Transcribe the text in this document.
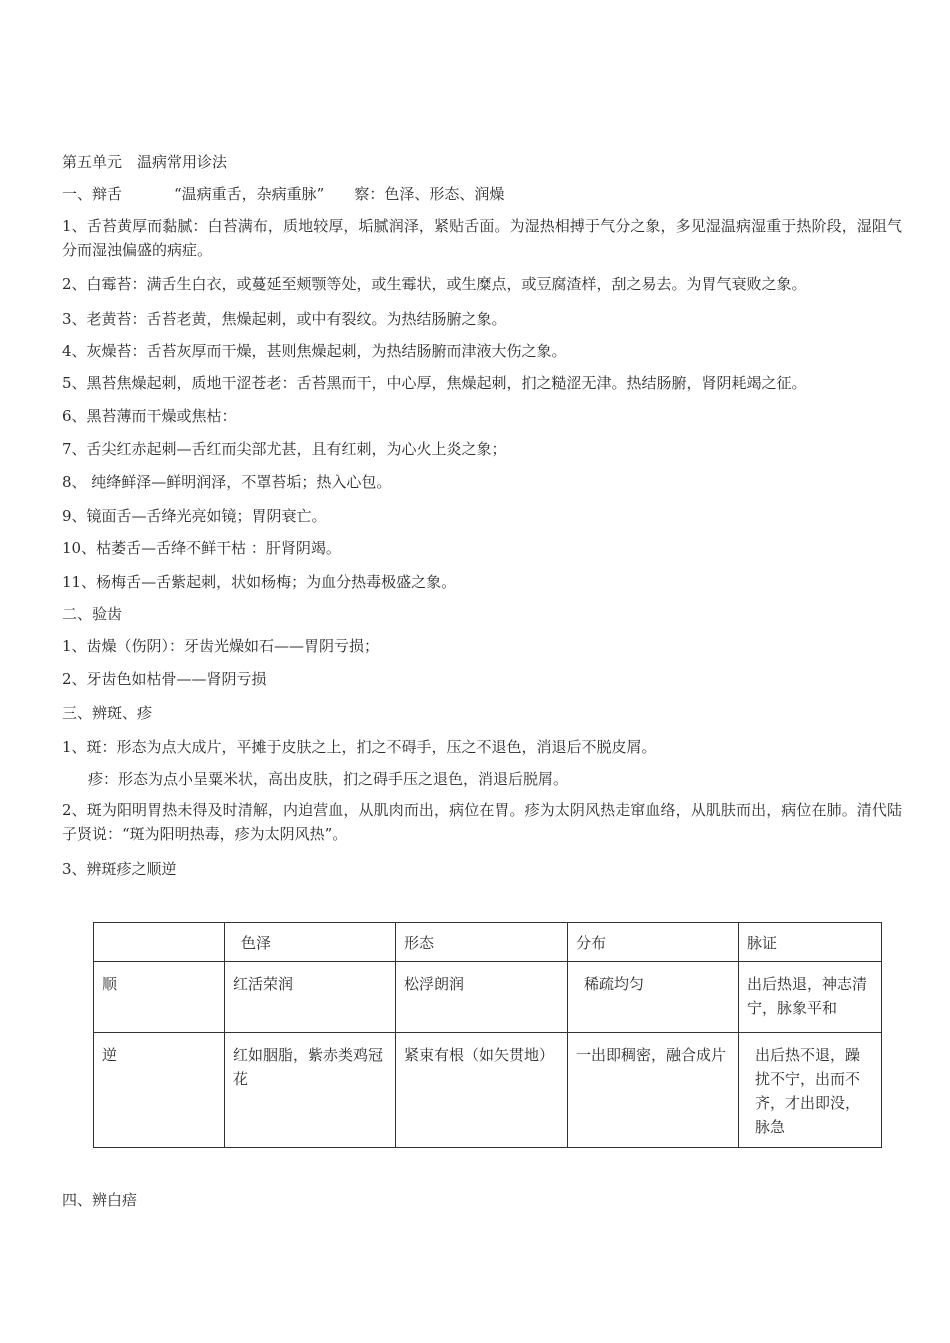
第五单元　温病常用诊法
一、辩舌	“温病重舌，杂病重脉” 察：色泽、形态、润燥
1、舌苔黄厚而黏腻：白苔满布，质地较厚，垢腻润泽，紧贴舌面。为湿热相搏于气分之象，多见湿温病湿重于热阶段，湿阻气分而湿浊偏盛的病症。
2、白霉苔：满舌生白衣，或蔓延至颊颚等处，或生霉状，或生糜点，或豆腐渣样，刮之易去。为胃气衰败之象。
3、老黄苔：舌苔老黄，焦燥起刺，或中有裂纹。为热结肠腑之象。
4、灰燥苔：舌苔灰厚而干燥，甚则焦燥起刺，为热结肠腑而津液大伤之象。
5、黑苔焦燥起刺，质地干涩苍老：舌苔黑而干，中心厚，焦燥起刺，扪之糙涩无津。热结肠腑，肾阴耗竭之征。
6、黑苔薄而干燥或焦枯：
7、舌尖红赤起刺—舌红而尖部尤甚，且有红刺，为心火上炎之象；
8、 纯绛鲜泽—鲜明润泽，不罩苔垢；热入心包。
9、镜面舌—舌绛光亮如镜；胃阴衰亡。
10、枯萎舌—舌绛不鲜干枯 ：肝肾阴竭。
11、杨梅舌—舌紫起刺，状如杨梅；为血分热毒极盛之象。
二、验齿
1、齿燥（伤阴）：牙齿光燥如石——胃阴亏损；
2、牙齿色如枯骨——肾阴亏损
三、辨斑、疹
1、斑：形态为点大成片，平摊于皮肤之上，扪之不碍手，压之不退色，消退后不脱皮屑。
疹：形态为点小呈粟米状，高出皮肤，扪之碍手压之退色，消退后脱屑。
2、斑为阳明胃热未得及时清解，内迫营血，从肌肉而出，病位在胃。疹为太阴风热走窜血络，从肌肤而出，病位在肺。清代陆子贤说：“斑为阳明热毒，疹为太阴风热”。
3、辨斑疹之顺逆
	色泽	形态	分布	脉证
顺	红活荣润	松浮朗润	稀疏均匀	出后热退，神志清宁，脉象平和
逆	红如胭脂，紫赤类鸡冠花	紧束有根（如矢贯地）	一出即稠密，融合成片	出后热不退，躁扰不宁，出而不齐，才出即没，脉急
四、辨白㾦
